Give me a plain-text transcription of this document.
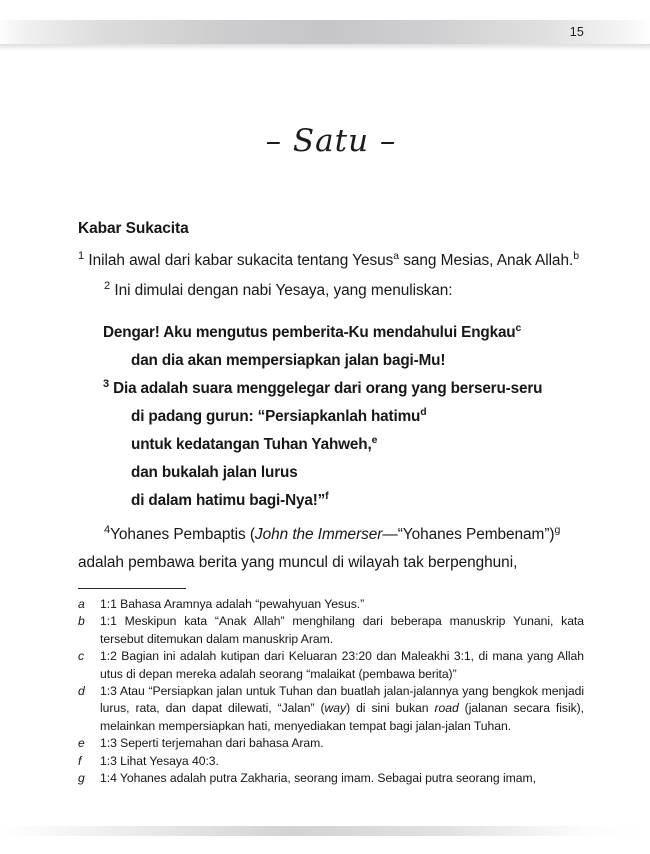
15
– Satu –
Kabar Sukacita

$^1$ Inilah awal dari kabar sukacita tentang Yesus$^a$ sang Mesias, Anak Allah.$^b$

$^2$ Ini dimulai dengan nabi Yesaya, yang menuliskan:

Dengar! Aku mengutus pemberita-Ku mendahului Engkau$^c$
dan dia akan mempersiapkan jalan bagi-Mu!
$^3$ Dia adalah suara menggelegar dari orang yang berseru-seru
di padang gurun: “Persiapkanlah hatimu$^d$
untuk kedatangan Tuhan Yahweh,$^e$
dan bukalah jalan lurus
di dalam hatimu bagi-Nya!”$^f$

$^4$Yohanes Pembaptis (John the Immerser—“Yohanes Pembenam”)$^g$ adalah pembawa berita yang muncul di wilayah tak berpenghuni,

a 1:1 Bahasa Aramnya adalah “pewahyuan Yesus.”

b 1:1 Meskipun kata “Anak Allah” menghilang dari beberapa manuskrip Yunani, kata tersebut ditemukan dalam manuskrip Aram.

c 1:2 Bagian ini adalah kutipan dari Keluaran 23:20 dan Maleakhi 3:1, di mana yang Allah utus di depan mereka adalah seorang “malaikat (pembawa berita)”

d 1:3 Atau “Persiapkan jalan untuk Tuhan dan buatlah jalan-jalannya yang bengkok menjadi lurus, rata, dan dapat dilewati, “Jalan” (way) di sini bukan road (jalanan secara fisik), melainkan mempersiapkan hati, menyediakan tempat bagi jalan-jalan Tuhan.

e 1:3 Seperti terjemahan dari bahasa Aram.

f 1:3 Lihat Yesaya 40:3.

g 1:4 Yohanes adalah putra Zakharia, seorang imam. Sebagai putra seorang imam,
